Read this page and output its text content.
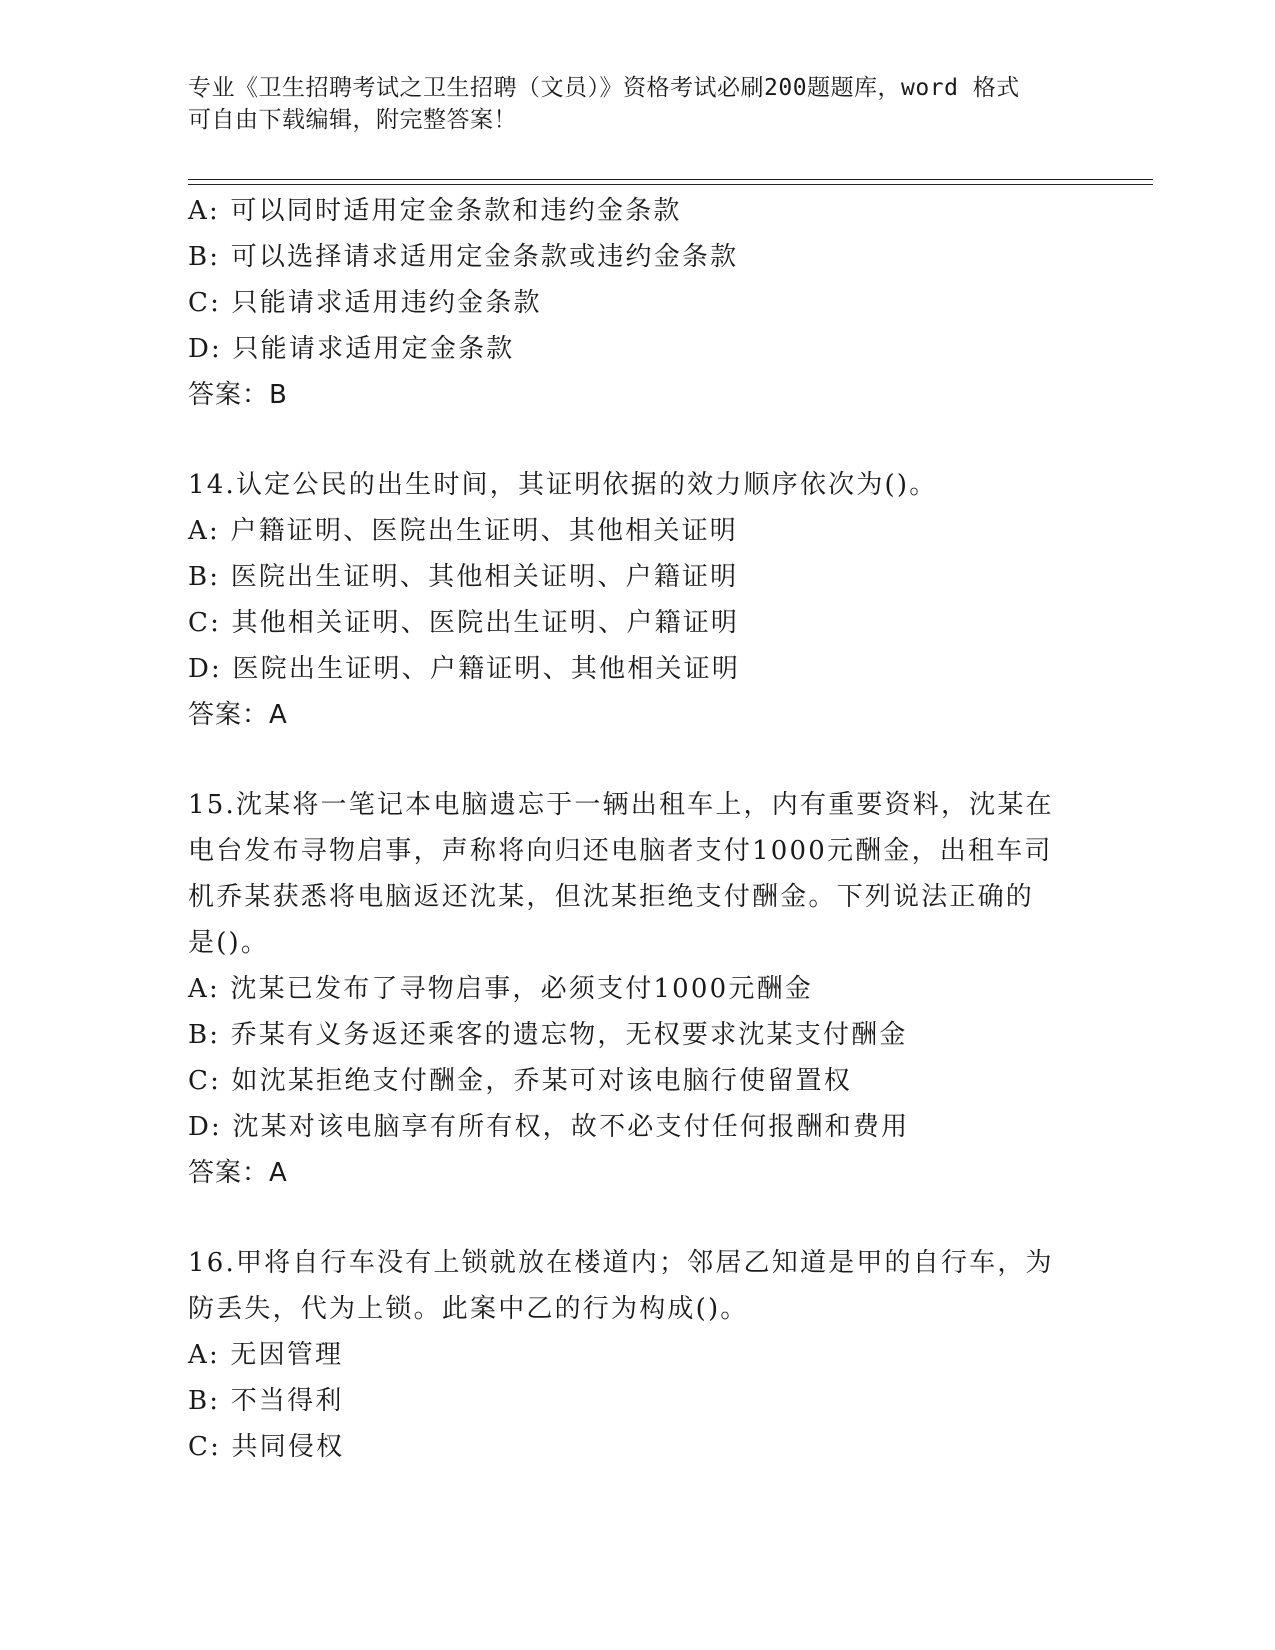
专业《卫生招聘考试之卫生招聘（文员）》资格考试必刷200题题库，word 格式
可自由下载编辑，附完整答案！
A: 可以同时适用定金条款和违约金条款
B: 可以选择请求适用定金条款或违约金条款
C: 只能请求适用违约金条款
D: 只能请求适用定金条款
答案：B
14.认定公民的出生时间，其证明依据的效力顺序依次为()。
A: 户籍证明、医院出生证明、其他相关证明
B: 医院出生证明、其他相关证明、户籍证明
C: 其他相关证明、医院出生证明、户籍证明
D: 医院出生证明、户籍证明、其他相关证明
答案：A
15.沈某将一笔记本电脑遗忘于一辆出租车上，内有重要资料，沈某在
电台发布寻物启事，声称将向归还电脑者支付1000元酬金，出租车司
机乔某获悉将电脑返还沈某，但沈某拒绝支付酬金。下列说法正确的
是()。
A: 沈某已发布了寻物启事，必须支付1000元酬金
B: 乔某有义务返还乘客的遗忘物，无权要求沈某支付酬金
C: 如沈某拒绝支付酬金，乔某可对该电脑行使留置权
D: 沈某对该电脑享有所有权，故不必支付任何报酬和费用
答案：A
16.甲将自行车没有上锁就放在楼道内；邻居乙知道是甲的自行车，为
防丢失，代为上锁。此案中乙的行为构成()。
A: 无因管理
B: 不当得利
C: 共同侵权
